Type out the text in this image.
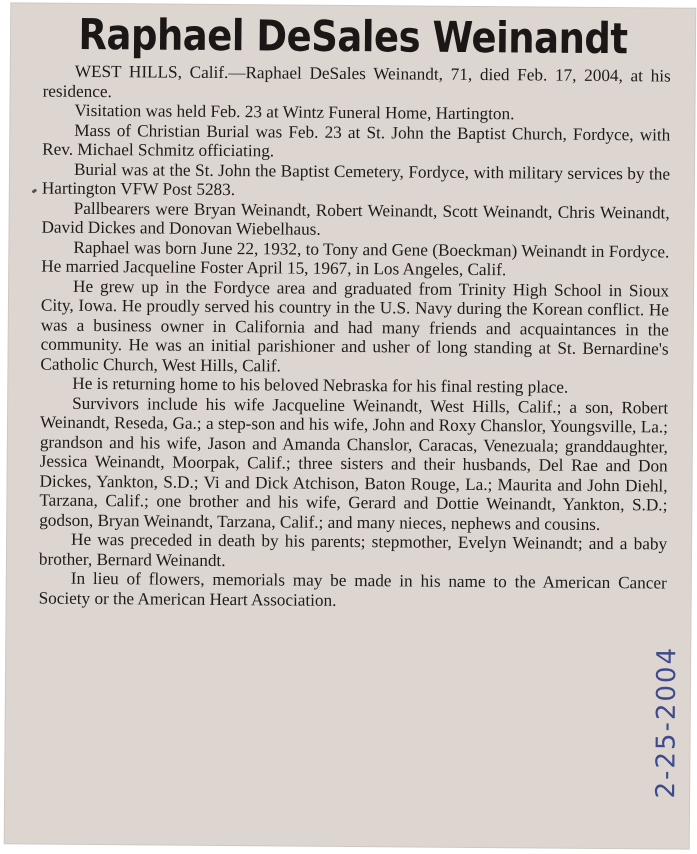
Raphael DeSales Weinandt

WEST HILLS, Calif.—Raphael DeSales Weinandt, 71, died Feb. 17, 2004, at his residence.

Visitation was held Feb. 23 at Wintz Funeral Home, Hartington.

Mass of Christian Burial was Feb. 23 at St. John the Baptist Church, Fordyce, with Rev. Michael Schmitz officiating.

Burial was at the St. John the Baptist Cemetery, Fordyce, with military services by the Hartington VFW Post 5283.

Pallbearers were Bryan Weinandt, Robert Weinandt, Scott Weinandt, Chris Weinandt, David Dickes and Donovan Wiebelhaus.

Raphael was born June 22, 1932, to Tony and Gene (Boeckman) Weinandt in Fordyce. He married Jacqueline Foster April 15, 1967, in Los Angeles, Calif.

He grew up in the Fordyce area and graduated from Trinity High School in Sioux City, Iowa. He proudly served his country in the U.S. Navy during the Korean conflict. He was a business owner in California and had many friends and acquaintances in the community. He was an initial parishioner and usher of long standing at St. Bernardine's Catholic Church, West Hills, Calif.

He is returning home to his beloved Nebraska for his final resting place.

Survivors include his wife Jacqueline Weinandt, West Hills, Calif.; a son, Robert Weinandt, Reseda, Ga.; a step-son and his wife, John and Roxy Chanslor, Youngsville, La.; grandson and his wife, Jason and Amanda Chanslor, Caracas, Venezuala; granddaughter, Jessica Weinandt, Moorpak, Calif.; three sisters and their husbands, Del Rae and Don Dickes, Yankton, S.D.; Vi and Dick Atchison, Baton Rouge, La.; Maurita and John Diehl, Tarzana, Calif.; one brother and his wife, Gerard and Dottie Weinandt, Yankton, S.D.; godson, Bryan Weinandt, Tarzana, Calif.; and many nieces, nephews and cousins.

He was preceded in death by his parents; stepmother, Evelyn Weinandt; and a baby brother, Bernard Weinandt.

In lieu of flowers, memorials may be made in his name to the American Cancer Society or the American Heart Association.

2-25-2004
